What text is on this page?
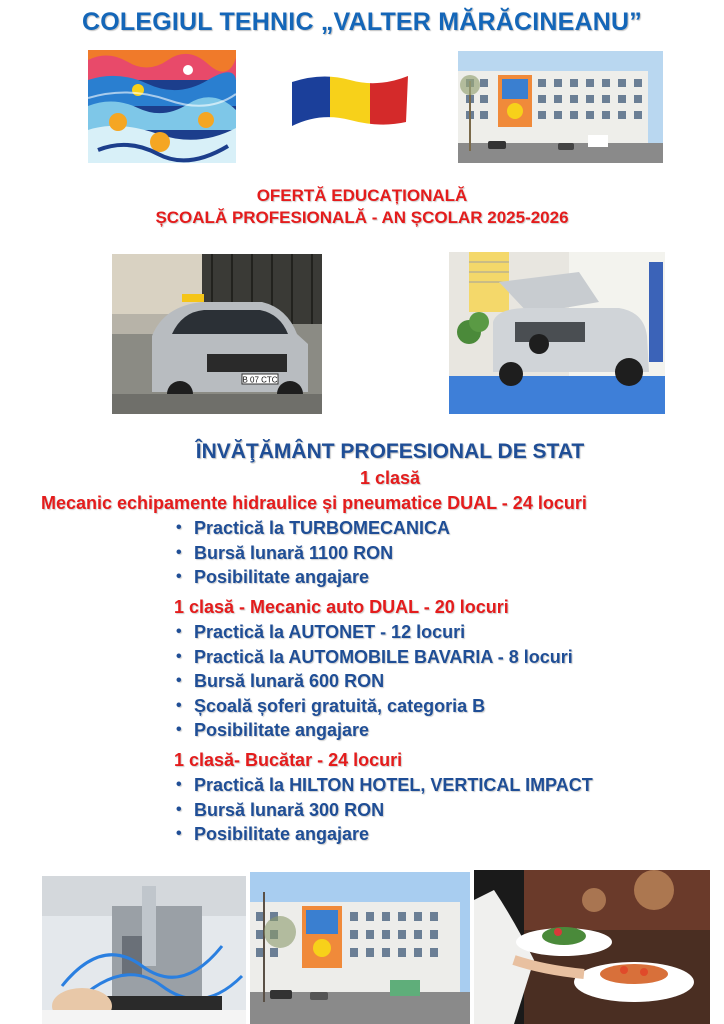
COLEGIUL TEHNIC „VALTER MĂRĂCINEANU”
OFERTĂ EDUCAȚIONALĂ
ȘCOALĂ PROFESIONALĂ - AN ȘCOLAR 2025-2026
B 07 CTC
ÎNVĂŢĂMÂNT PROFESIONAL DE STAT
1 clasă
Mecanic echipamente hidraulice și pneumatice DUAL - 24 locuri
• Practică la TURBOMECANICA
• Bursă lunară 1100 RON
• Posibilitate angajare
1 clasă - Mecanic auto DUAL - 20 locuri
• Practică la AUTONET - 12 locuri
• Practică la AUTOMOBILE BAVARIA - 8 locuri
• Bursă lunară 600 RON
• Școală șoferi gratuită, categoria B
• Posibilitate angajare
1 clasă- Bucătar - 24 locuri
• Practică la HILTON HOTEL, VERTICAL IMPACT
• Bursă lunară 300 RON
• Posibilitate angajare
